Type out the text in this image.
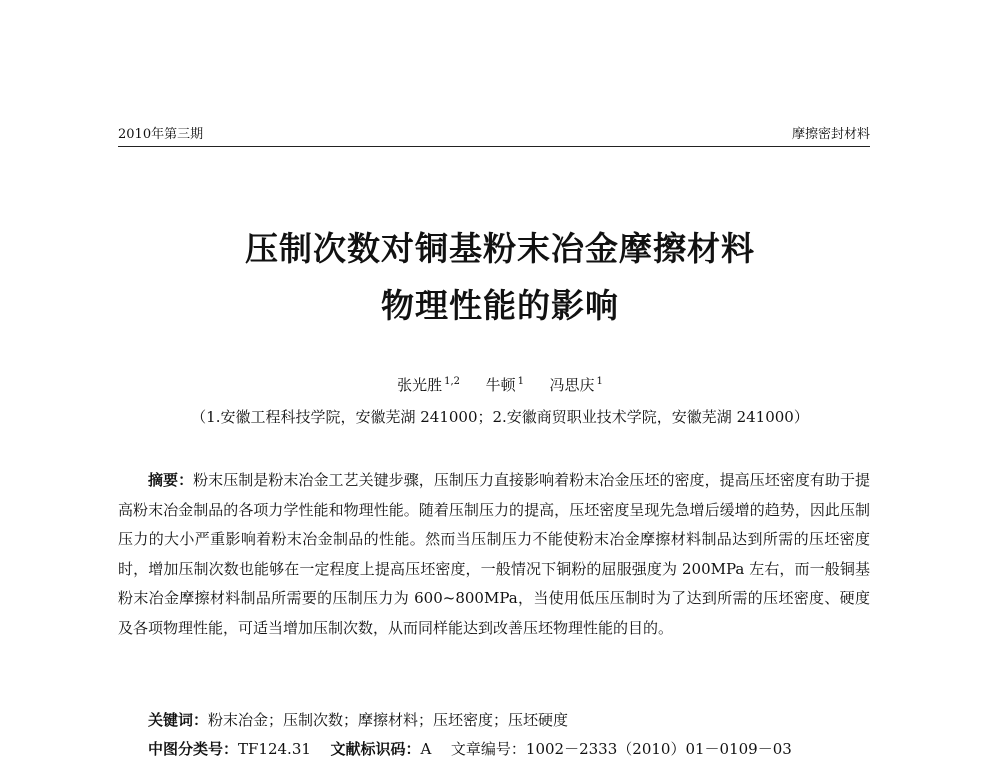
2010年第三期	摩擦密封材料
压制次数对铜基粉末冶金摩擦材料
物理性能的影响
张光胜 $^{1,2}$ 牛顿 $^1$ 冯思庆 $^1$
（1.安徽工程科技学院，安徽芜湖 241000；2.安徽商贸职业技术学院，安徽芜湖 241000）

摘要：粉末压制是粉末冶金工艺关键步骤，压制压力直接影响着粉末冶金压坯的密度，提高压坯密度有助于提高粉末冶金制品的各项力学性能和物理性能。随着压制压力的提高，压坯密度呈现先急增后缓增的趋势，因此压制压力的大小严重影响着粉末冶金制品的性能。然而当压制压力不能使粉末冶金摩擦材料制品达到所需的压坯密度时，增加压制次数也能够在一定程度上提高压坯密度，一般情况下铜粉的屈服强度为 200MPa 左右，而一般铜基粉末冶金摩擦材料制品所需要的压制压力为 600~800MPa，当使用低压压制时为了达到所需的压坯密度、硬度及各项物理性能，可适当增加压制次数，从而同样能达到改善压坯物理性能的目的。

关键词：粉末冶金；压制次数；摩擦材料；压坯密度；压坯硬度
中图分类号：TF124.31 文献标识码：A 文章编号：1002－2333（2010）01－0109－03
